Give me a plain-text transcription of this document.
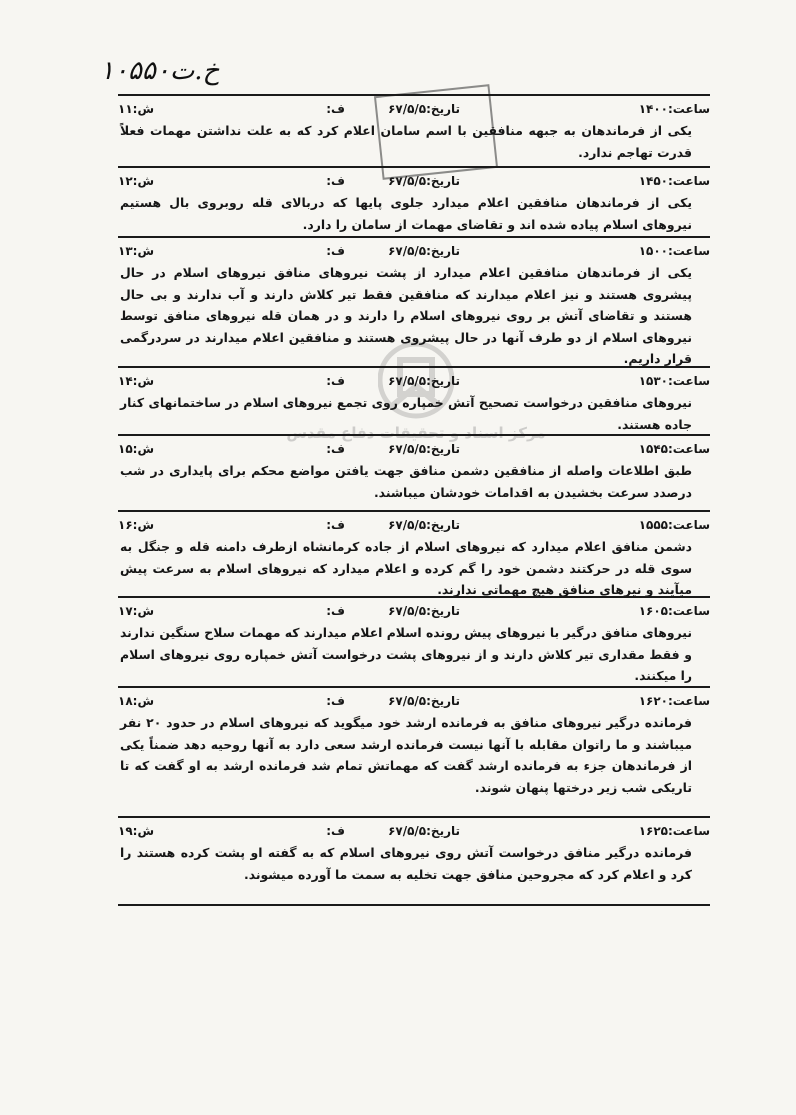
خ.ت۱۰۵۵۰
مرکز اسناد و تحقیقات دفاع مقدس
ساعت:۱۴۰۰
تاریخ:۶۷/۵/۵
ف:
ش:۱۱
یکی از فرماندهان به جبهه منافقین با اسم سامان اعلام کرد که به علت نداشتن مهمات فعلاً قدرت تهاجم ندارد.
ساعت:۱۴۵۰
تاریخ:۶۷/۵/۵
ف:
ش:۱۲
یکی از فرماندهان منافقین اعلام میدارد جلوی پایها که دربالای قله روبروی بال هستیم نیروهای اسلام پیاده شده اند و تقاضای مهمات از سامان را دارد.
ساعت:۱۵۰۰
تاریخ:۶۷/۵/۵
ف:
ش:۱۳
یکی از فرماندهان منافقین اعلام میدارد از پشت نیروهای منافق نیروهای اسلام در حال پیشروی هستند و نیز اعلام میدارند که منافقین فقط تیر کلاش دارند و آب ندارند و بی حال هستند و تقاضای آتش بر روی نیروهای اسلام را دارند و در همان قله نیروهای منافق توسط نیروهای اسلام از دو طرف آنها در حال پیشروی هستند و منافقین اعلام میدارند در سردرگمی قرار داریم.
ساعت:۱۵۳۰
تاریخ:۶۷/۵/۵
ف:
ش:۱۴
نیروهای منافقین درخواست تصحیح آتش خمپاره روی تجمع نیروهای اسلام در ساختمانهای کنار جاده هستند.
ساعت:۱۵۴۵
تاریخ:۶۷/۵/۵
ف:
ش:۱۵
طبق اطلاعات واصله از منافقین دشمن منافق جهت یافتن مواضع محکم برای پایداری در شب درصدد سرعت بخشیدن به اقدامات خودشان میباشند.
ساعت:۱۵۵۵
تاریخ:۶۷/۵/۵
ف:
ش:۱۶
دشمن منافق اعلام میدارد که نیروهای اسلام از جاده کرمانشاه ازطرف دامنه قله و جنگل به سوی قله در حرکتند دشمن خود را گم کرده و اعلام میدارد که نیروهای اسلام به سرعت پیش میآیند و نیرهای منافق هیچ مهماتی ندارند.
ساعت:۱۶۰۵
تاریخ:۶۷/۵/۵
ف:
ش:۱۷
نیروهای منافق درگیر با نیروهای پیش رونده اسلام اعلام میدارند که مهمات سلاح سنگین ندارند و فقط مقداری تیر کلاش دارند و از نیروهای پشت درخواست آتش خمپاره روی نیروهای اسلام را میکنند.
ساعت:۱۶۲۰
تاریخ:۶۷/۵/۵
ف:
ش:۱۸
فرمانده درگیر نیروهای منافق به فرمانده ارشد خود میگوید که نیروهای اسلام در حدود ۲۰ نفر میباشند و ما راتوان مقابله با آنها نیست فرمانده ارشد سعی دارد به آنها روحیه دهد ضمناً یکی از فرماندهان جزء به فرمانده ارشد گفت که مهماتش تمام شد فرمانده ارشد به او گفت که تا تاریکی شب زیر درختها پنهان شوند.
ساعت:۱۶۲۵
تاریخ:۶۷/۵/۵
ف:
ش:۱۹
فرمانده درگیر منافق درخواست آتش روی نیروهای اسلام که به گفته او پشت کرده هستند را کرد و اعلام کرد که مجروحین منافق جهت تخلیه به سمت ما آورده میشوند.
